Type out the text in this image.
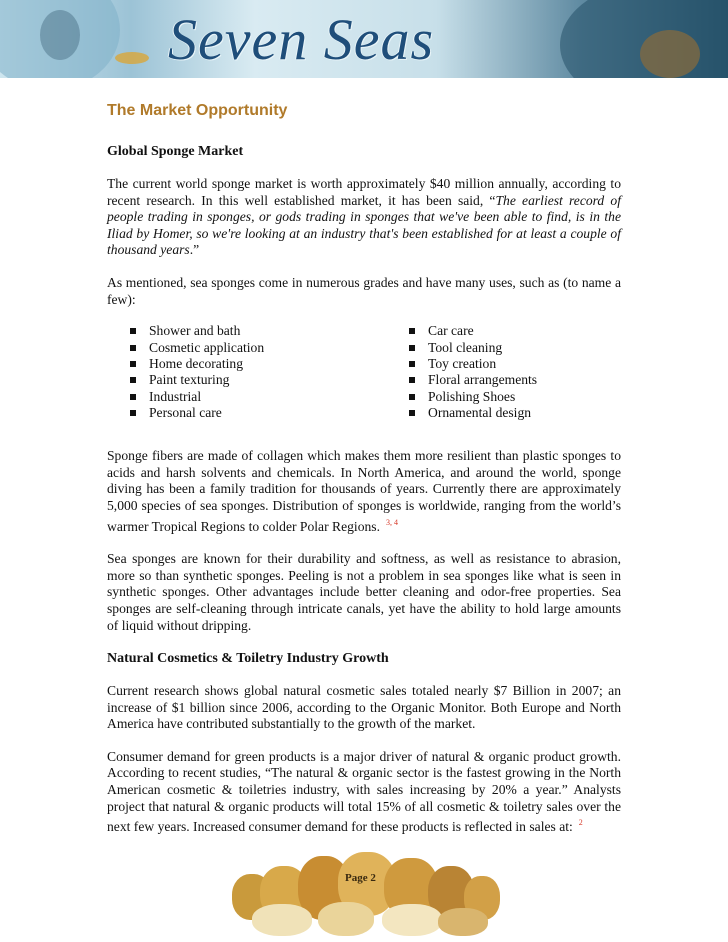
Seven Seas
The Market Opportunity
Global Sponge Market

The current world sponge market is worth approximately $40 million annually, according to recent research. In this well established market, it has been said, “The earliest record of people trading in sponges, or gods trading in sponges that we've been able to find, is in the Iliad by Homer, so we're looking at an industry that's been established for at least a couple of thousand years.”

As mentioned, sea sponges come in numerous grades and have many uses, such as (to name a few):

Shower and bath
Cosmetic application
Home decorating
Paint texturing
Industrial
Personal care
Car care
Tool cleaning
Toy creation
Floral arrangements
Polishing Shoes
Ornamental design

Sponge fibers are made of collagen which makes them more resilient than plastic sponges to acids and harsh solvents and chemicals. In North America, and around the world, sponge diving has been a family tradition for thousands of years. Currently there are approximately 5,000 species of sea sponges. Distribution of sponges is worldwide, ranging from the world’s warmer Tropical Regions to colder Polar Regions. $^{3, 4}$

Sea sponges are known for their durability and softness, as well as resistance to abrasion, more so than synthetic sponges. Peeling is not a problem in sea sponges like what is seen in synthetic sponges. Other advantages include better cleaning and odor-free properties. Sea sponges are self-cleaning through intricate canals, yet have the ability to hold large amounts of liquid without dripping.

Natural Cosmetics & Toiletry Industry Growth

Current research shows global natural cosmetic sales totaled nearly $7 Billion in 2007; an increase of $1 billion since 2006, according to the Organic Monitor. Both Europe and North America have contributed substantially to the growth of the market.

Consumer demand for green products is a major driver of natural & organic product growth. According to recent studies, “The natural & organic sector is the fastest growing in the North American cosmetic & toiletries industry, with sales increasing by 20% a year.” Analysts project that natural & organic products will total 15% of all cosmetic & toiletry sales over the next few years. Increased consumer demand for these products is reflected in sales at: $^2$

Page 2
